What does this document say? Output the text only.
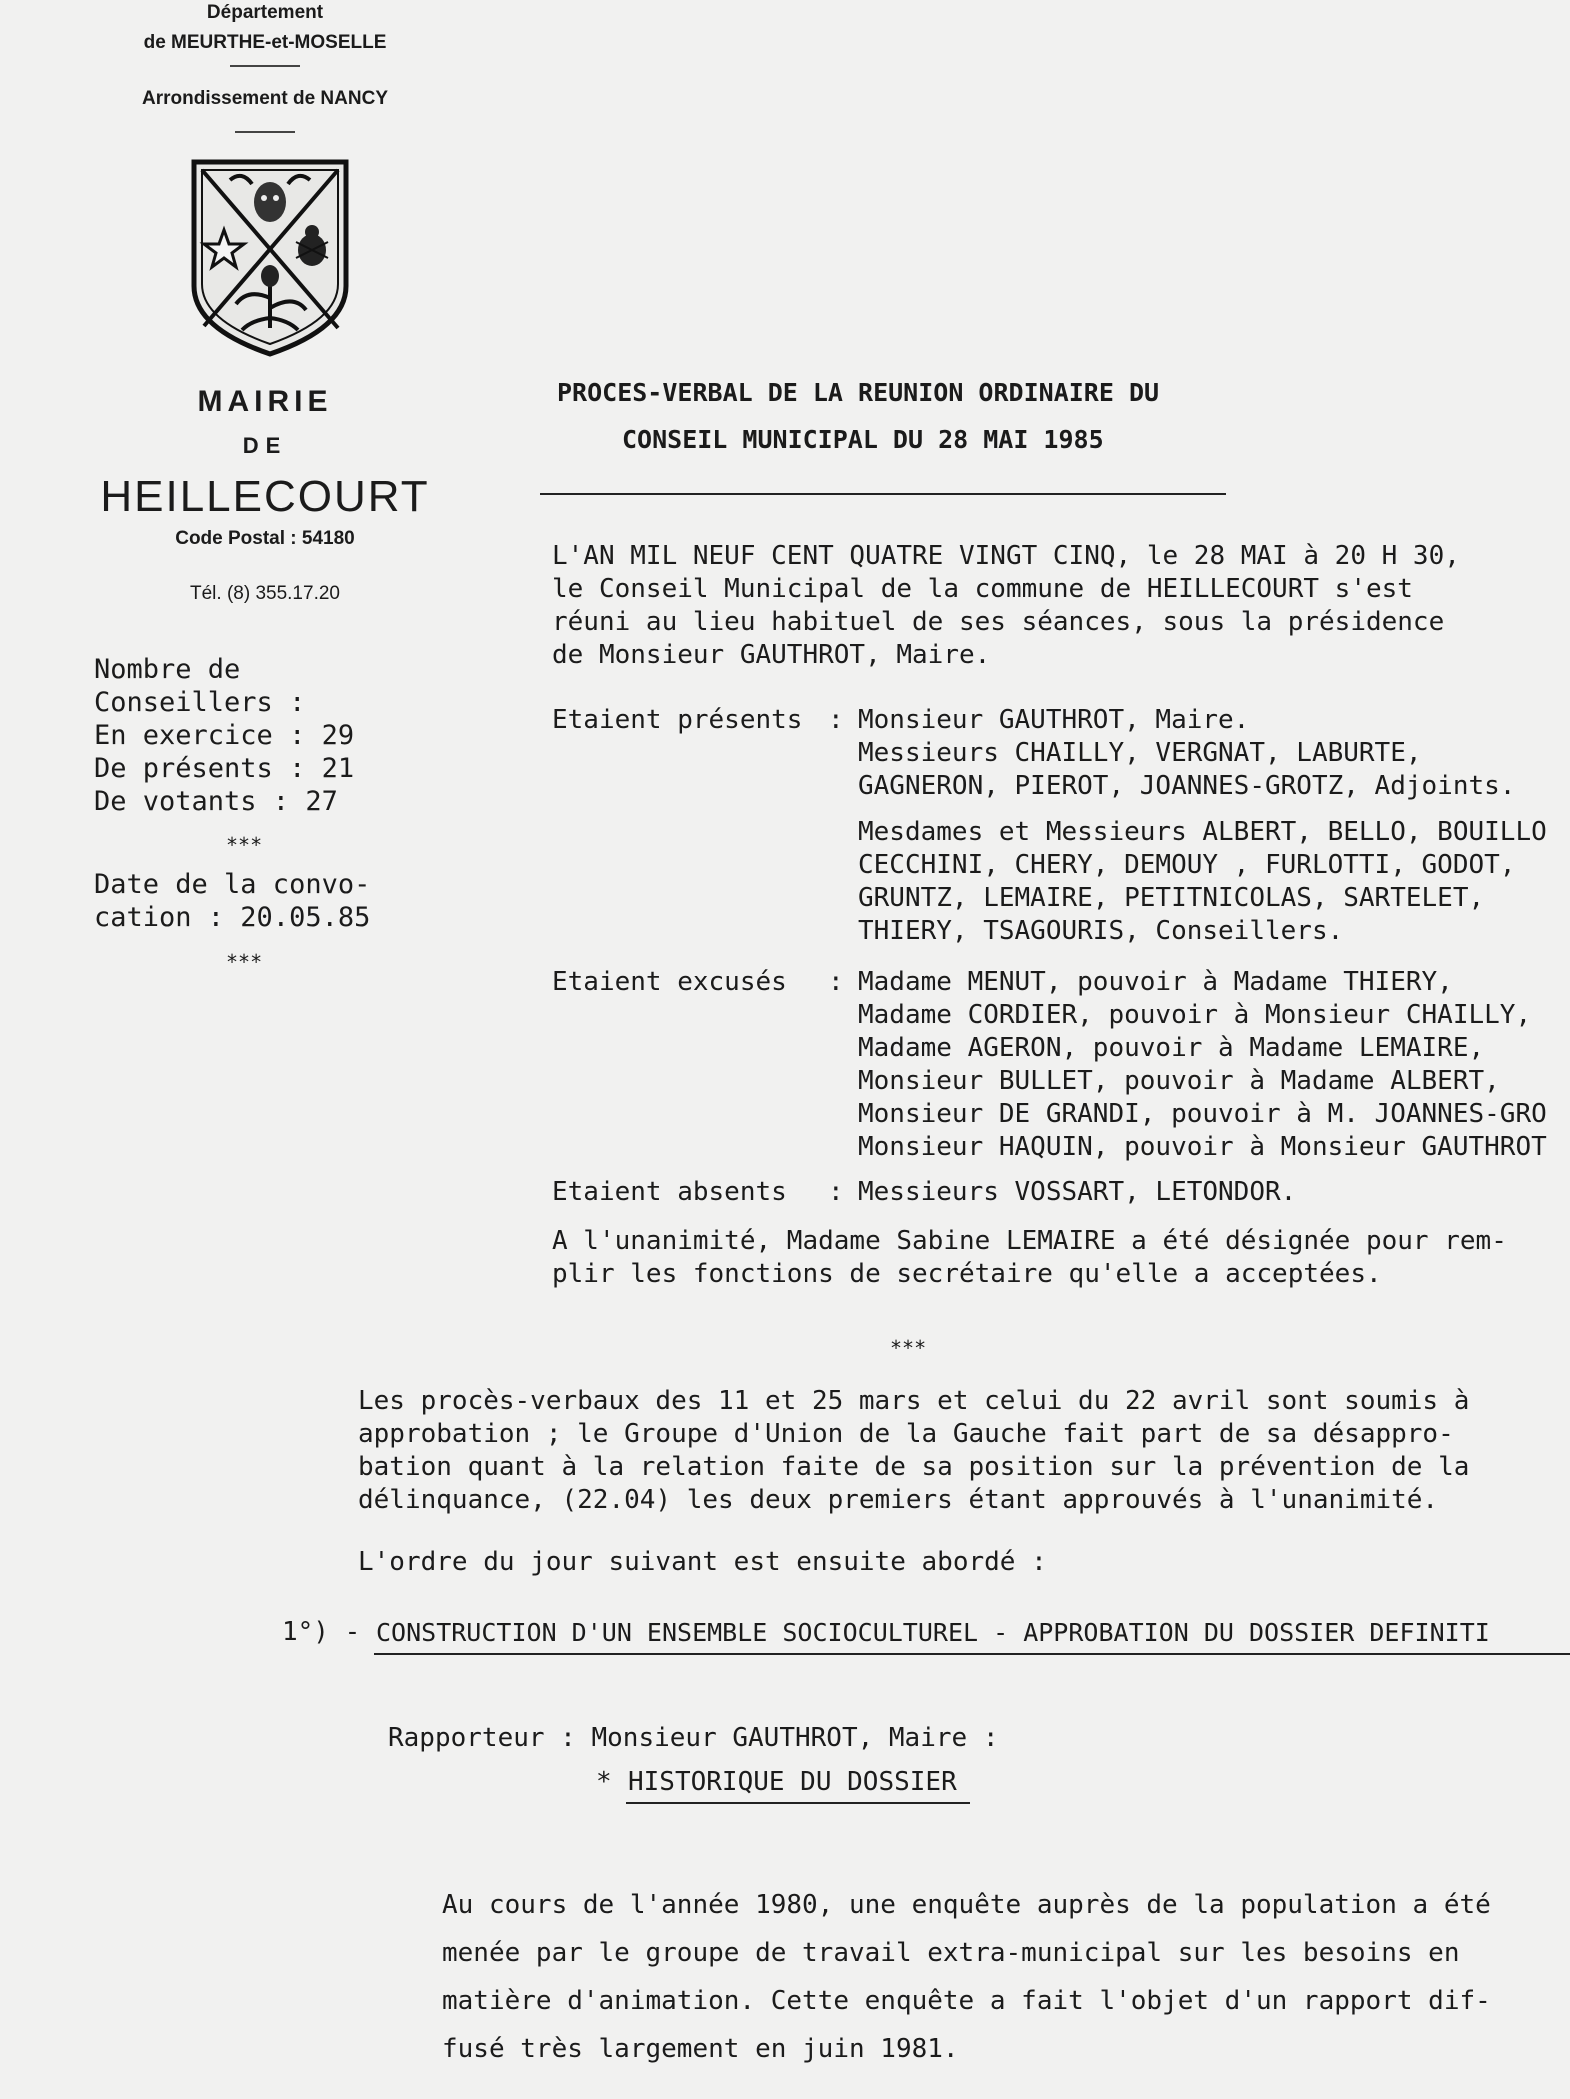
Département
de MEURTHE-et-MOSELLE
Arrondissement de NANCY
MAIRIE
DE
HEILLECOURT
Code Postal : 54180
Tél. (8) 355.17.20
Nombre de
Conseillers :
En exercice : 29
De présents : 21
De votants : 27
***
Date de la convo-
cation : 20.05.85
***
PROCES-VERBAL DE LA REUNION ORDINAIRE DU
CONSEIL MUNICIPAL DU 28 MAI 1985
L'AN MIL NEUF CENT QUATRE VINGT CINQ, le 28 MAI à 20 H 30,
le Conseil Municipal de la commune de HEILLECOURT s'est
réuni au lieu habituel de ses séances, sous la présidence
de Monsieur GAUTHROT, Maire.
Etaient présents : Monsieur GAUTHROT, Maire.
Messieurs CHAILLY, VERGNAT, LABURTE,
GAGNERON, PIEROT, JOANNES-GROTZ, Adjoints.
Mesdames et Messieurs ALBERT, BELLO, BOUILLO
CECCHINI, CHERY, DEMOUY , FURLOTTI, GODOT,
GRUNTZ, LEMAIRE, PETITNICOLAS, SARTELET,
THIERY, TSAGOURIS, Conseillers.
Etaient excusés : Madame MENUT, pouvoir à Madame THIERY,
Madame CORDIER, pouvoir à Monsieur CHAILLY,
Madame AGERON, pouvoir à Madame LEMAIRE,
Monsieur BULLET, pouvoir à Madame ALBERT,
Monsieur DE GRANDI, pouvoir à M. JOANNES-GRO
Monsieur HAQUIN, pouvoir à Monsieur GAUTHROT
Etaient absents : Messieurs VOSSART, LETONDOR.
A l'unanimité, Madame Sabine LEMAIRE a été désignée pour rem-
plir les fonctions de secrétaire qu'elle a acceptées.
***
Les procès-verbaux des 11 et 25 mars et celui du 22 avril sont soumis à
approbation ; le Groupe d'Union de la Gauche fait part de sa désappro-
bation quant à la relation faite de sa position sur la prévention de la
délinquance, (22.04) les deux premiers étant approuvés à l'unanimité.
L'ordre du jour suivant est ensuite abordé :
1°) - CONSTRUCTION D'UN ENSEMBLE SOCIOCULTUREL - APPROBATION DU DOSSIER DEFINITI
Rapporteur : Monsieur GAUTHROT, Maire :
* HISTORIQUE DU DOSSIER
Au cours de l'année 1980, une enquête auprès de la population a été
menée par le groupe de travail extra-municipal sur les besoins en
matière d'animation. Cette enquête a fait l'objet d'un rapport dif-
fusé très largement en juin 1981.
